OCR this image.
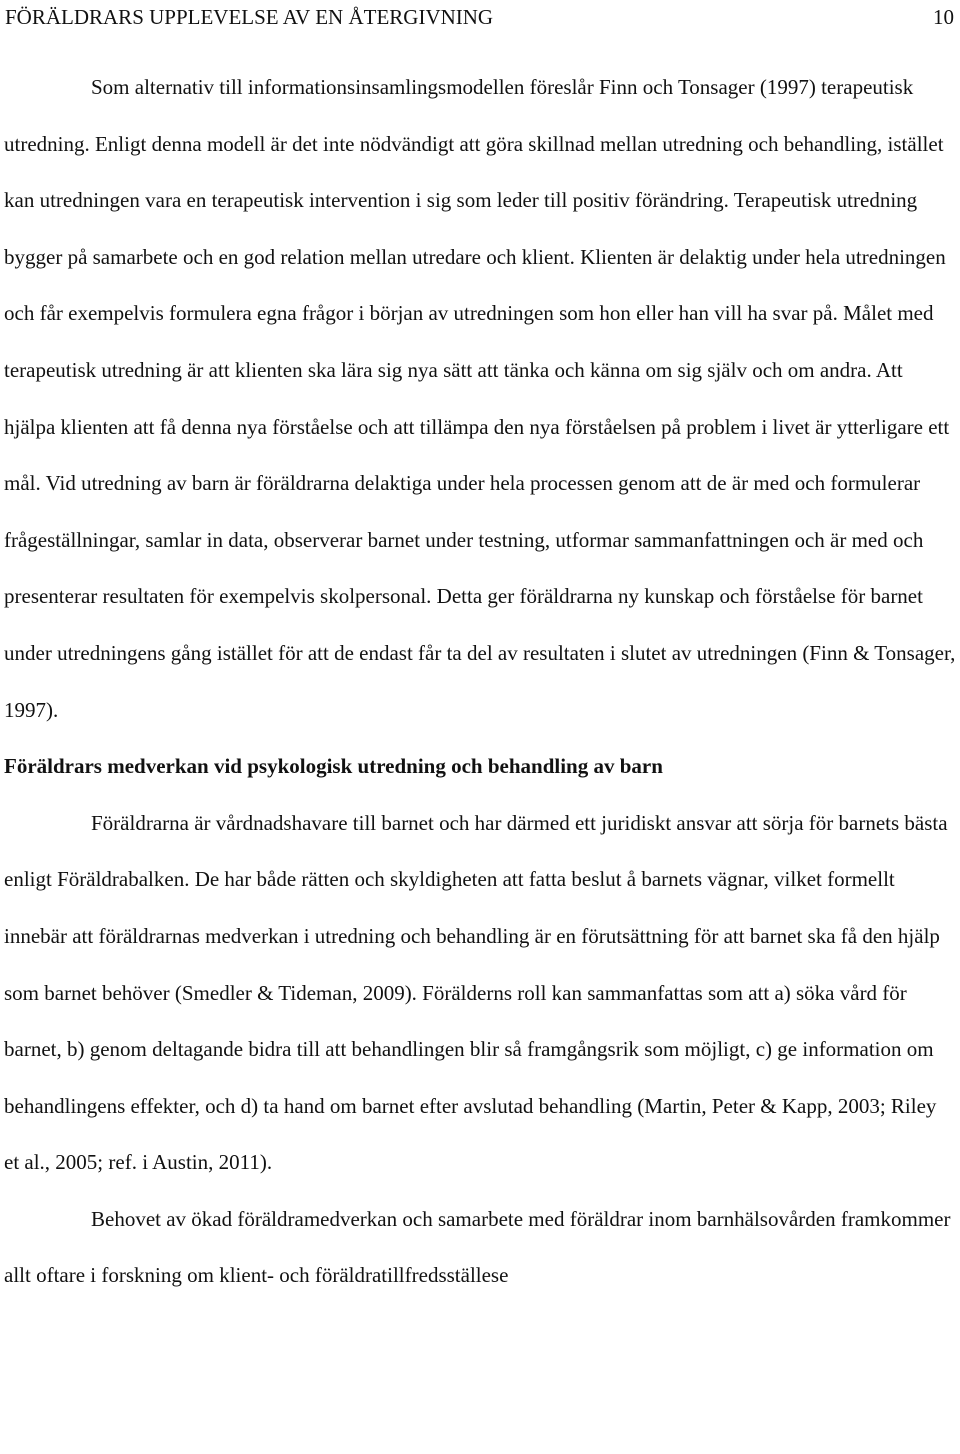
FÖRÄLDRARS UPPLEVELSE AV EN ÅTERGIVNING	10

Som alternativ till informationsinsamlingsmodellen föreslår Finn och Tonsager (1997) terapeutisk utredning. Enligt denna modell är det inte nödvändigt att göra skillnad mellan utredning och behandling, istället kan utredningen vara en terapeutisk intervention i sig som leder till positiv förändring. Terapeutisk utredning bygger på samarbete och en god relation mellan utredare och klient. Klienten är delaktig under hela utredningen och får exempelvis formulera egna frågor i början av utredningen som hon eller han vill ha svar på. Målet med terapeutisk utredning är att klienten ska lära sig nya sätt att tänka och känna om sig själv och om andra. Att hjälpa klienten att få denna nya förståelse och att tillämpa den nya förståelsen på problem i livet är ytterligare ett mål. Vid utredning av barn är föräldrarna delaktiga under hela processen genom att de är med och formulerar frågeställningar, samlar in data, observerar barnet under testning, utformar sammanfattningen och är med och presenterar resultaten för exempelvis skolpersonal. Detta ger föräldrarna ny kunskap och förståelse för barnet under utredningens gång istället för att de endast får ta del av resultaten i slutet av utredningen (Finn & Tonsager, 1997).

Föräldrars medverkan vid psykologisk utredning och behandling av barn

Föräldrarna är vårdnadshavare till barnet och har därmed ett juridiskt ansvar att sörja för barnets bästa enligt Föräldrabalken. De har både rätten och skyldigheten att fatta beslut å barnets vägnar, vilket formellt innebär att föräldrarnas medverkan i utredning och behandling är en förutsättning för att barnet ska få den hjälp som barnet behöver (Smedler & Tideman, 2009). Förälderns roll kan sammanfattas som att a) söka vård för barnet, b) genom deltagande bidra till att behandlingen blir så framgångsrik som möjligt, c) ge information om behandlingens effekter, och d) ta hand om barnet efter avslutad behandling (Martin, Peter & Kapp, 2003; Riley et al., 2005; ref. i Austin, 2011).

Behovet av ökad föräldramedverkan och samarbete med föräldrar inom barnhälsovården framkommer allt oftare i forskning om klient- och föräldratillfredsställese
